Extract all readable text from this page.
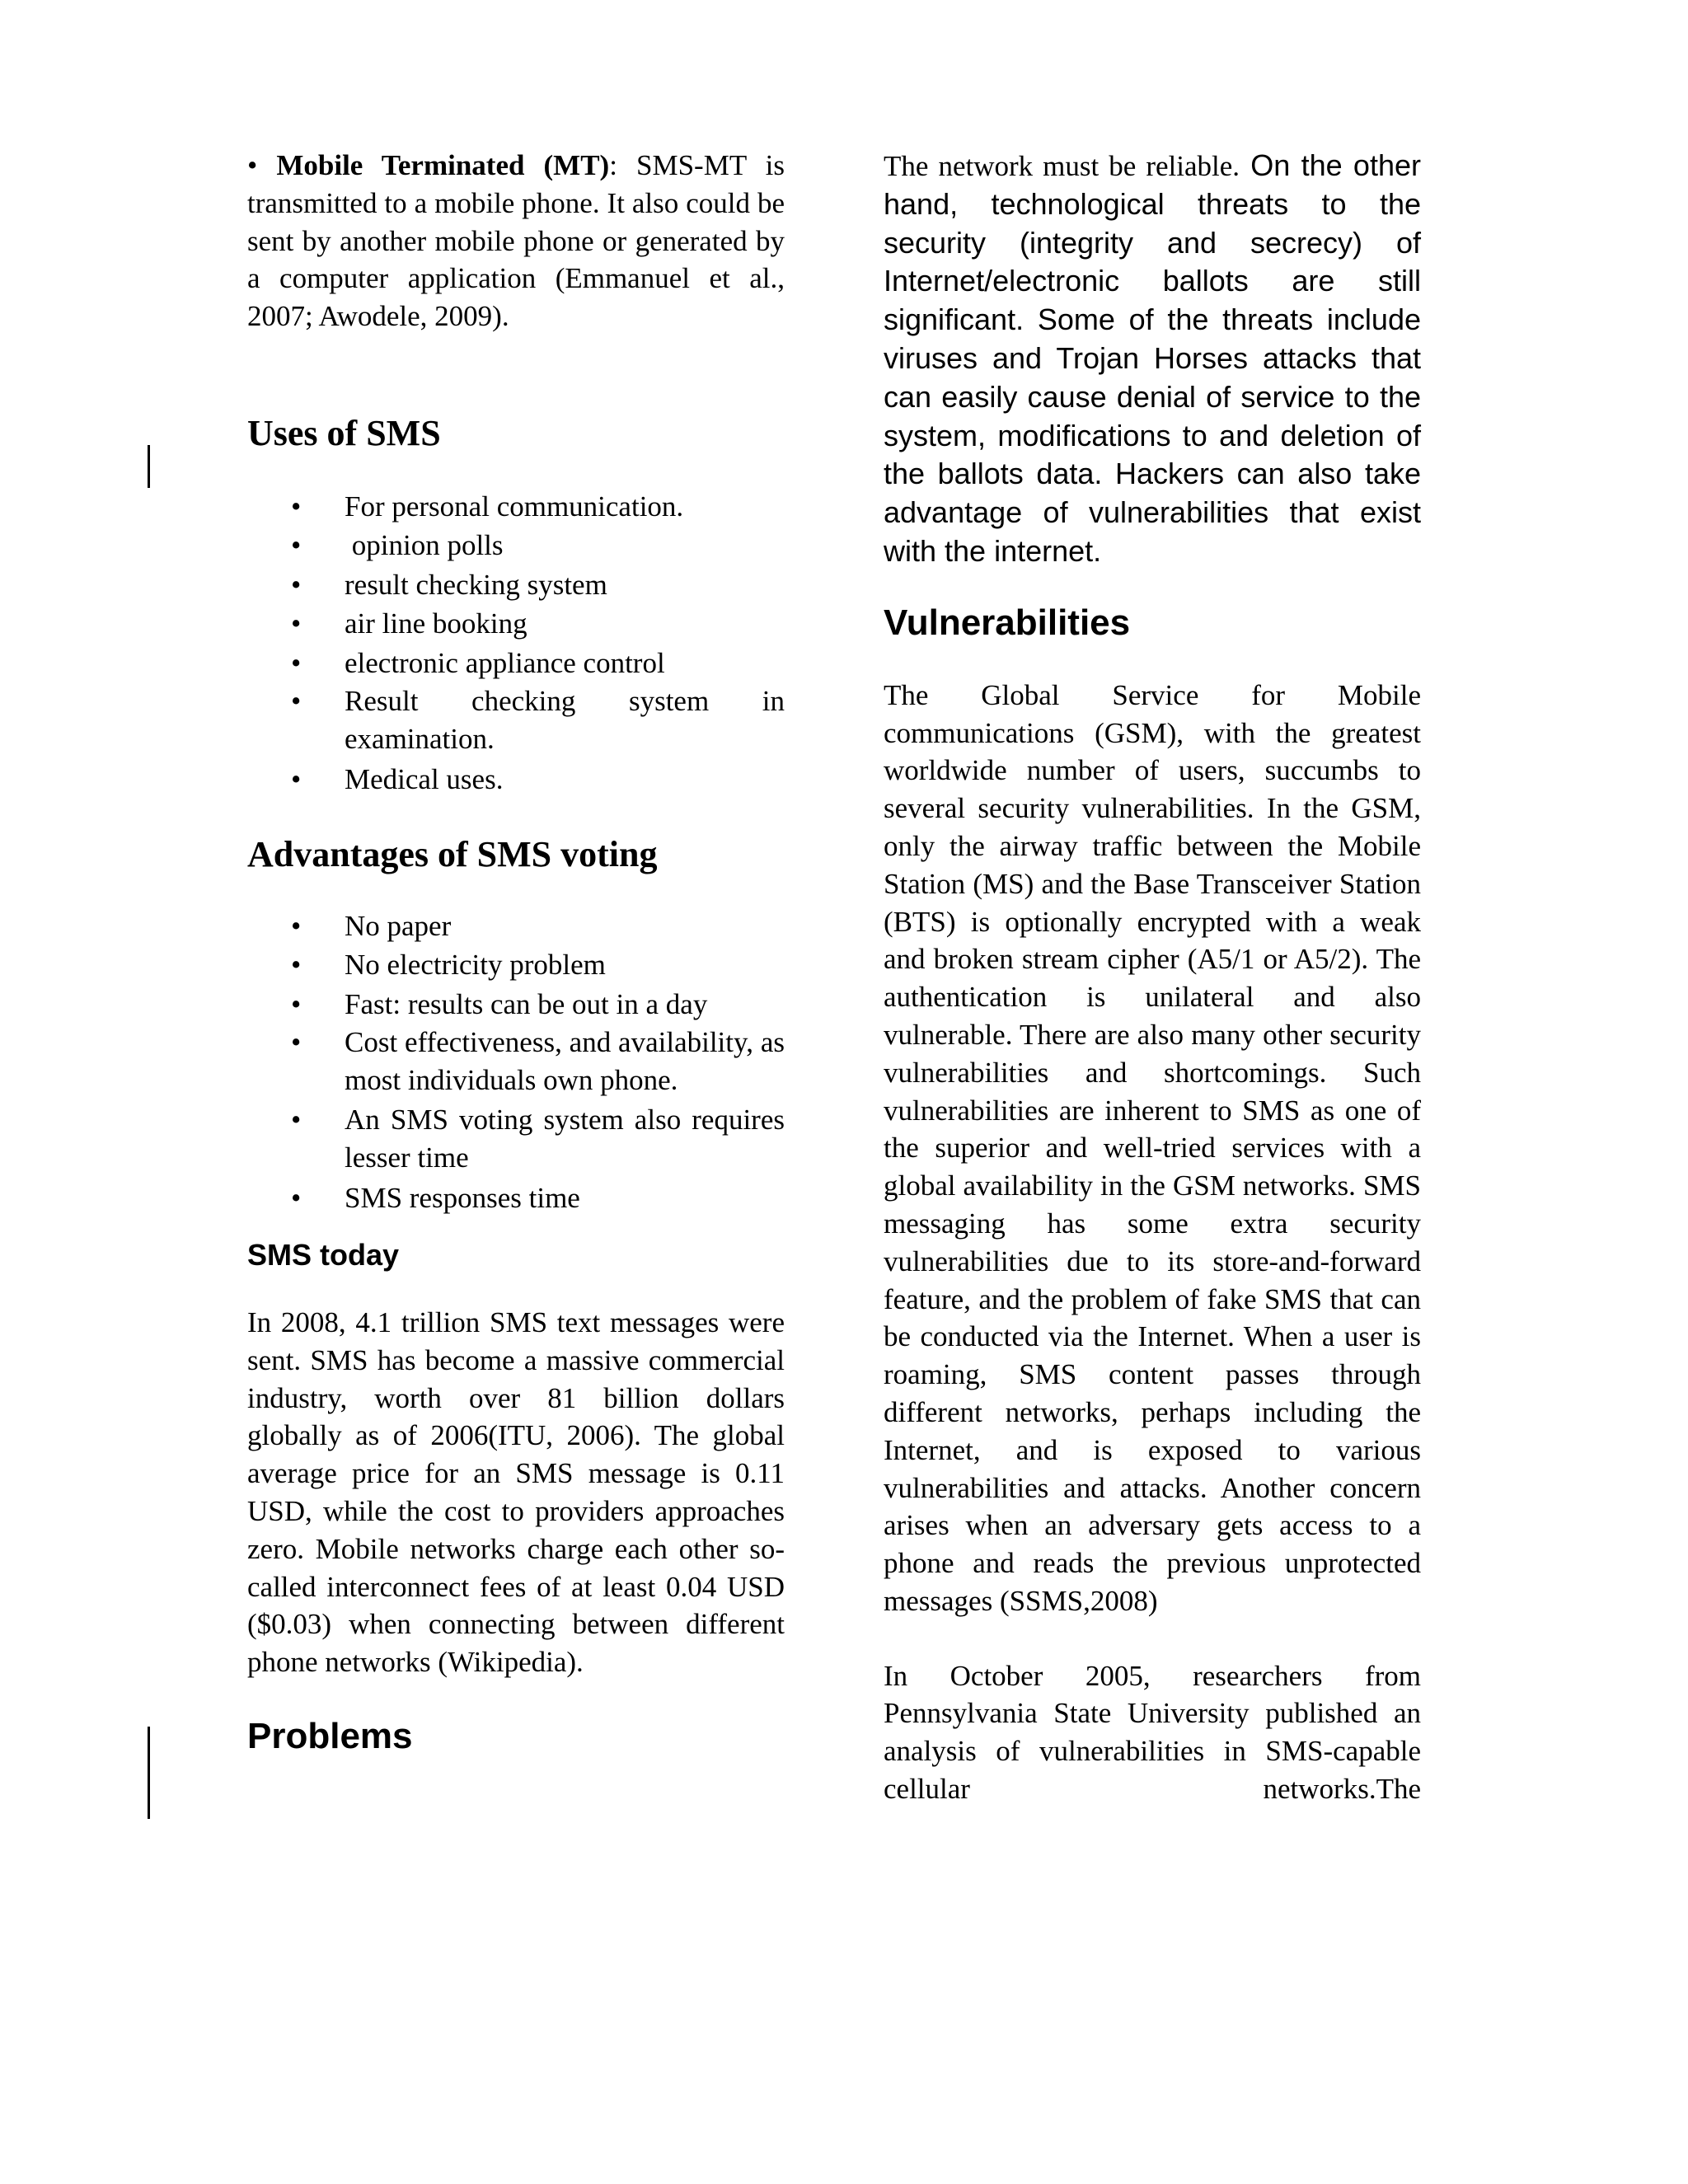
• Mobile Terminated (MT): SMS-MT is transmitted to a mobile phone. It also could be sent by another mobile phone or generated by a computer application (Emmanuel et al., 2007; Awodele, 2009).

Uses of SMS
• For personal communication.
• opinion polls
• result checking system
• air line booking
• electronic appliance control
• Result checking system in examination.
• Medical uses.
Advantages of SMS voting
• No paper
• No electricity problem
• Fast: results can be out in a day
• Cost effectiveness, and availability, as most individuals own phone.
• An SMS voting system also requires lesser time
• SMS responses time
SMS today

In 2008, 4.1 trillion SMS text messages were sent. SMS has become a massive commercial industry, worth over 81 billion dollars globally as of 2006(ITU, 2006). The global average price for an SMS message is 0.11 USD, while the cost to providers approaches zero. Mobile networks charge each other so-called interconnect fees of at least 0.04 USD ($0.03) when connecting between different phone networks (Wikipedia).

Problems

The network must be reliable. On the other hand, technological threats to the security (integrity and secrecy) of Internet/electronic ballots are still significant. Some of the threats include viruses and Trojan Horses attacks that can easily cause denial of service to the system, modifications to and deletion of the ballots data. Hackers can also take advantage of vulnerabilities that exist with the internet.

Vulnerabilities

The Global Service for Mobile communications (GSM), with the greatest worldwide number of users, succumbs to several security vulnerabilities. In the GSM, only the airway traffic between the Mobile Station (MS) and the Base Transceiver Station (BTS) is optionally encrypted with a weak and broken stream cipher (A5/1 or A5/2). The authentication is unilateral and also vulnerable. There are also many other security vulnerabilities and shortcomings. Such vulnerabilities are inherent to SMS as one of the superior and well-tried services with a global availability in the GSM networks. SMS messaging has some extra security vulnerabilities due to its store-and-forward feature, and the problem of fake SMS that can be conducted via the Internet. When a user is roaming, SMS content passes through different networks, perhaps including the Internet, and is exposed to various vulnerabilities and attacks. Another concern arises when an adversary gets access to a phone and reads the previous unprotected messages (SSMS,2008)

In October 2005, researchers from Pennsylvania State University published an analysis of vulnerabilities in SMS-capable cellular networks.The
